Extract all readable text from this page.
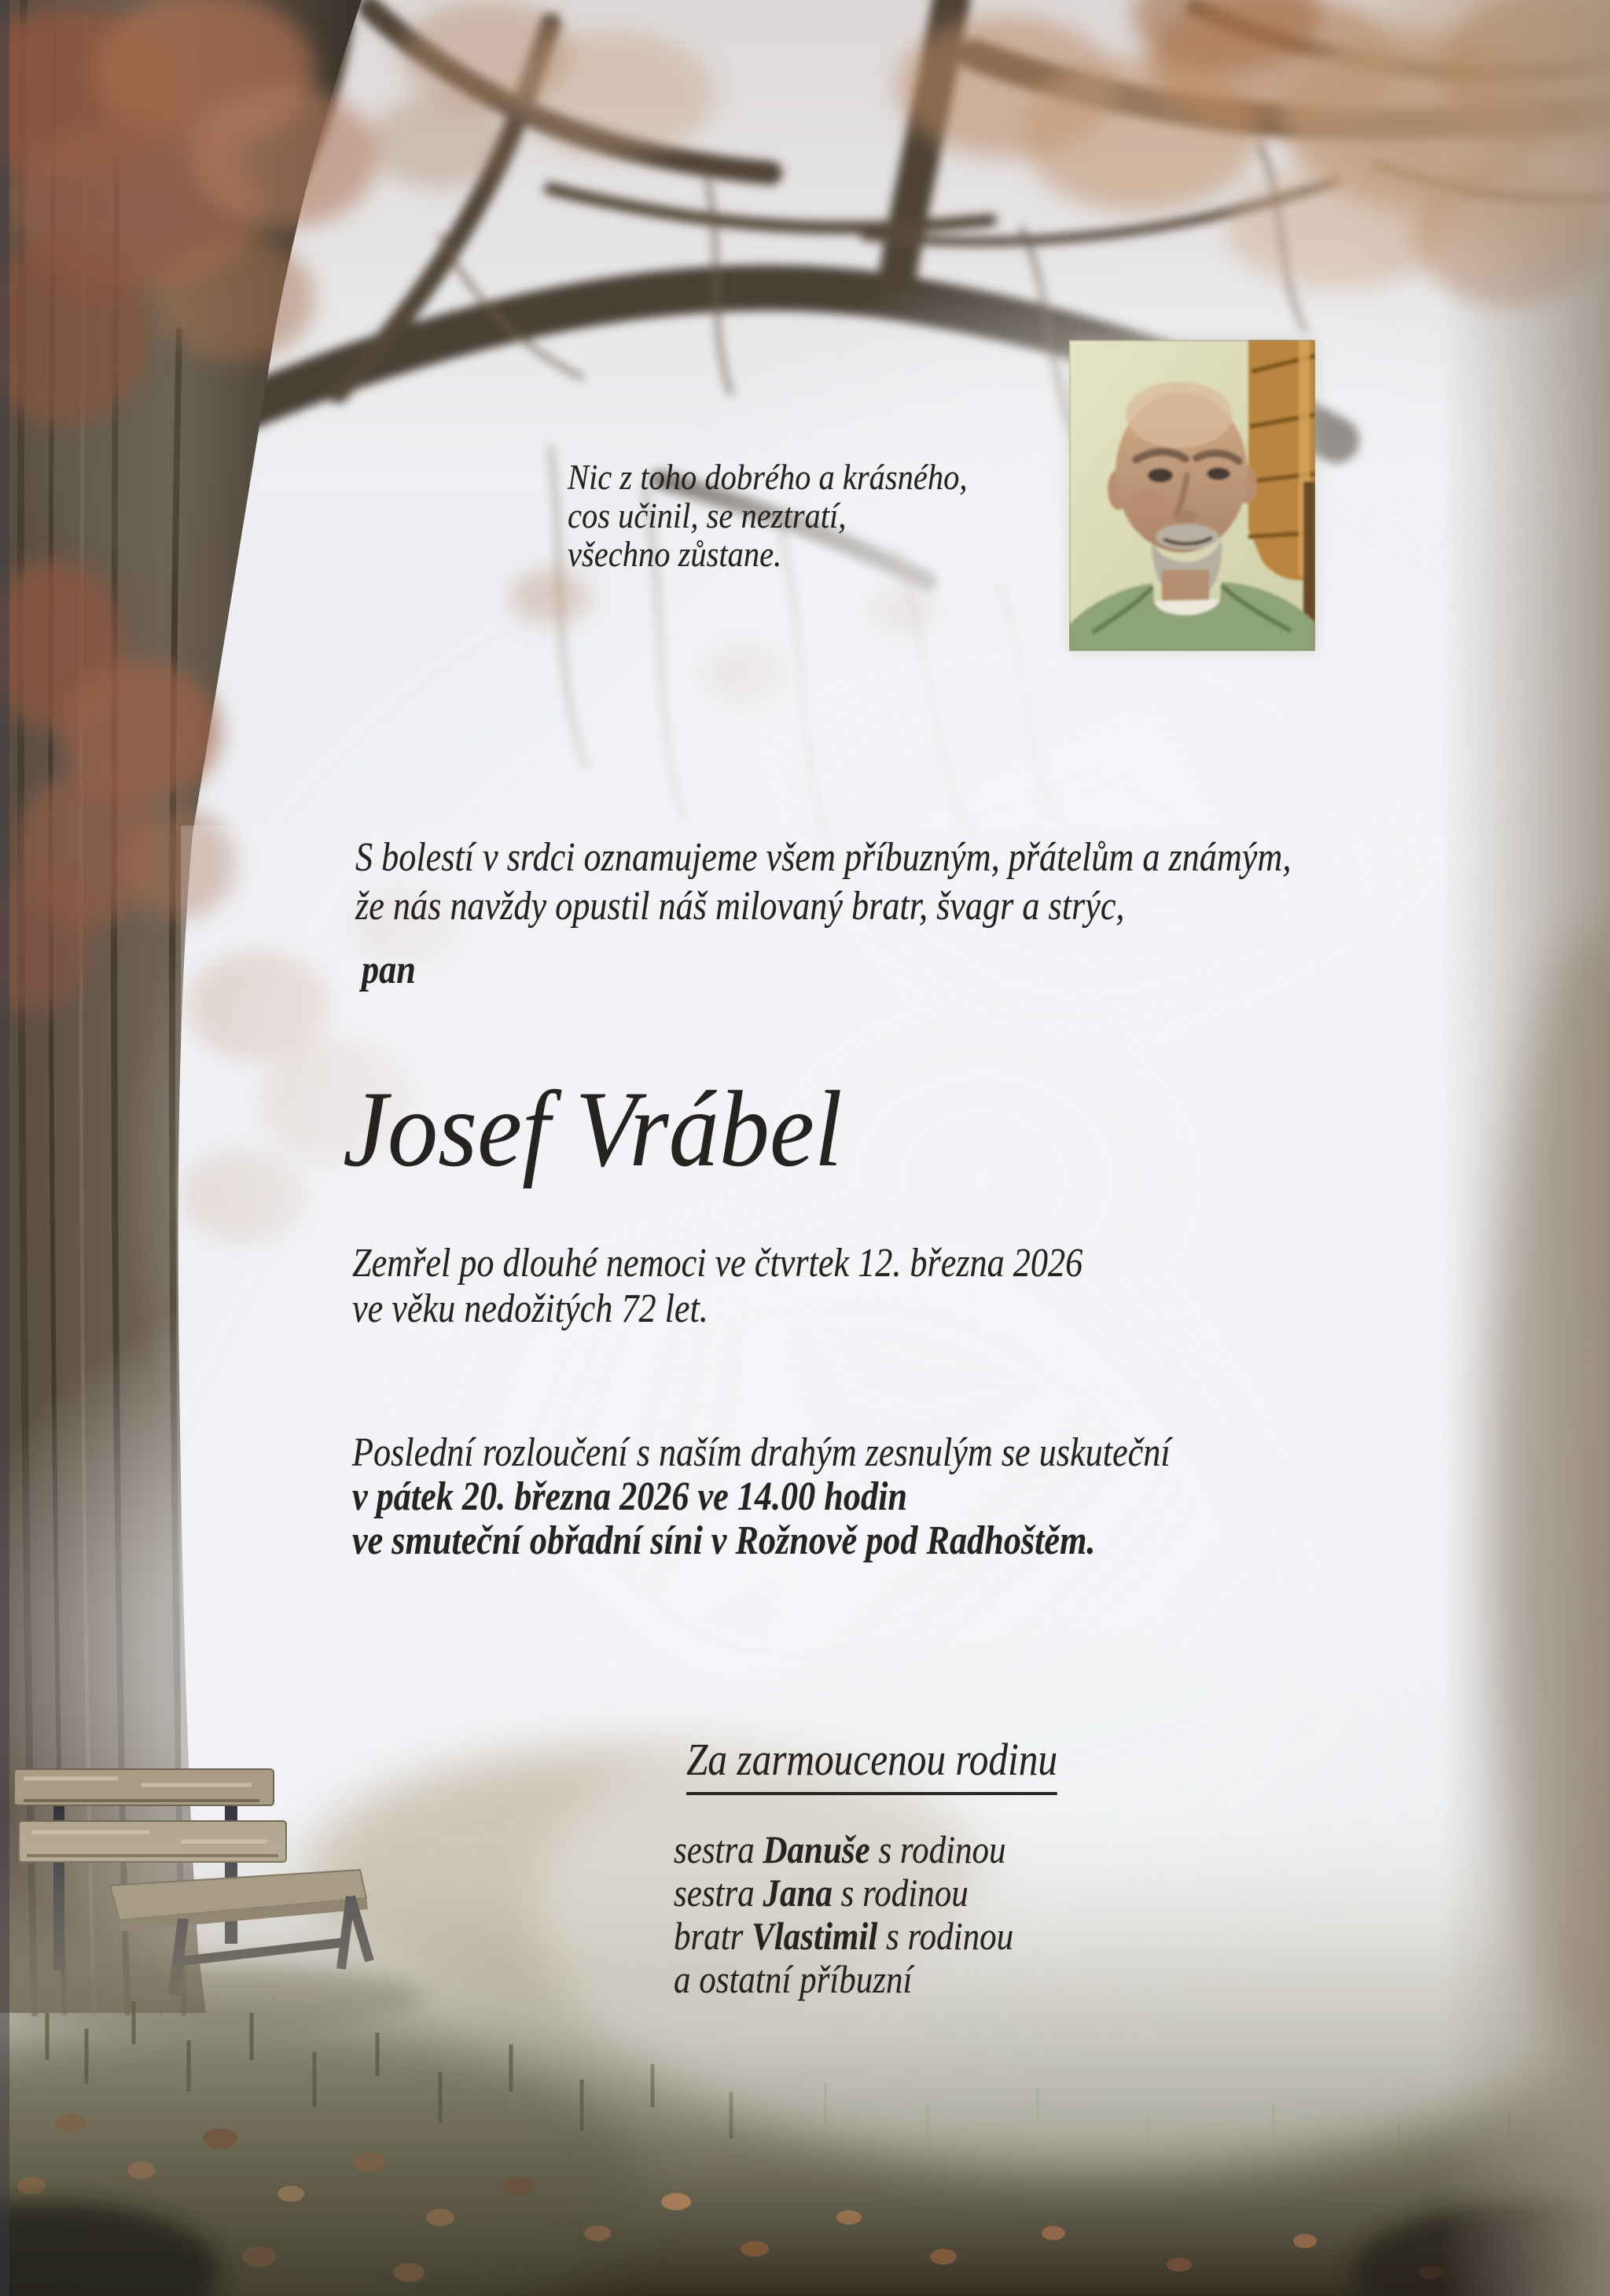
Nic z toho dobrého a krásného,
cos učinil, se neztratí,
všechno zůstane.
S bolestí v srdci oznamujeme všem příbuzným, přátelům a známým,
že nás navždy opustil náš milovaný bratr, švagr a strýc,
pan
Josef Vrábel
Zemřel po dlouhé nemoci ve čtvrtek 12. března 2026
ve věku nedožitých 72 let.
Poslední rozloučení s naším drahým zesnulým se uskuteční
v pátek 20. března 2026 ve 14.00 hodin
ve smuteční obřadní síni v Rožnově pod Radhoštěm.
Za zarmoucenou rodinu
sestra Danuše s rodinou
sestra Jana s rodinou
bratr Vlastimil s rodinou
a ostatní příbuzní
